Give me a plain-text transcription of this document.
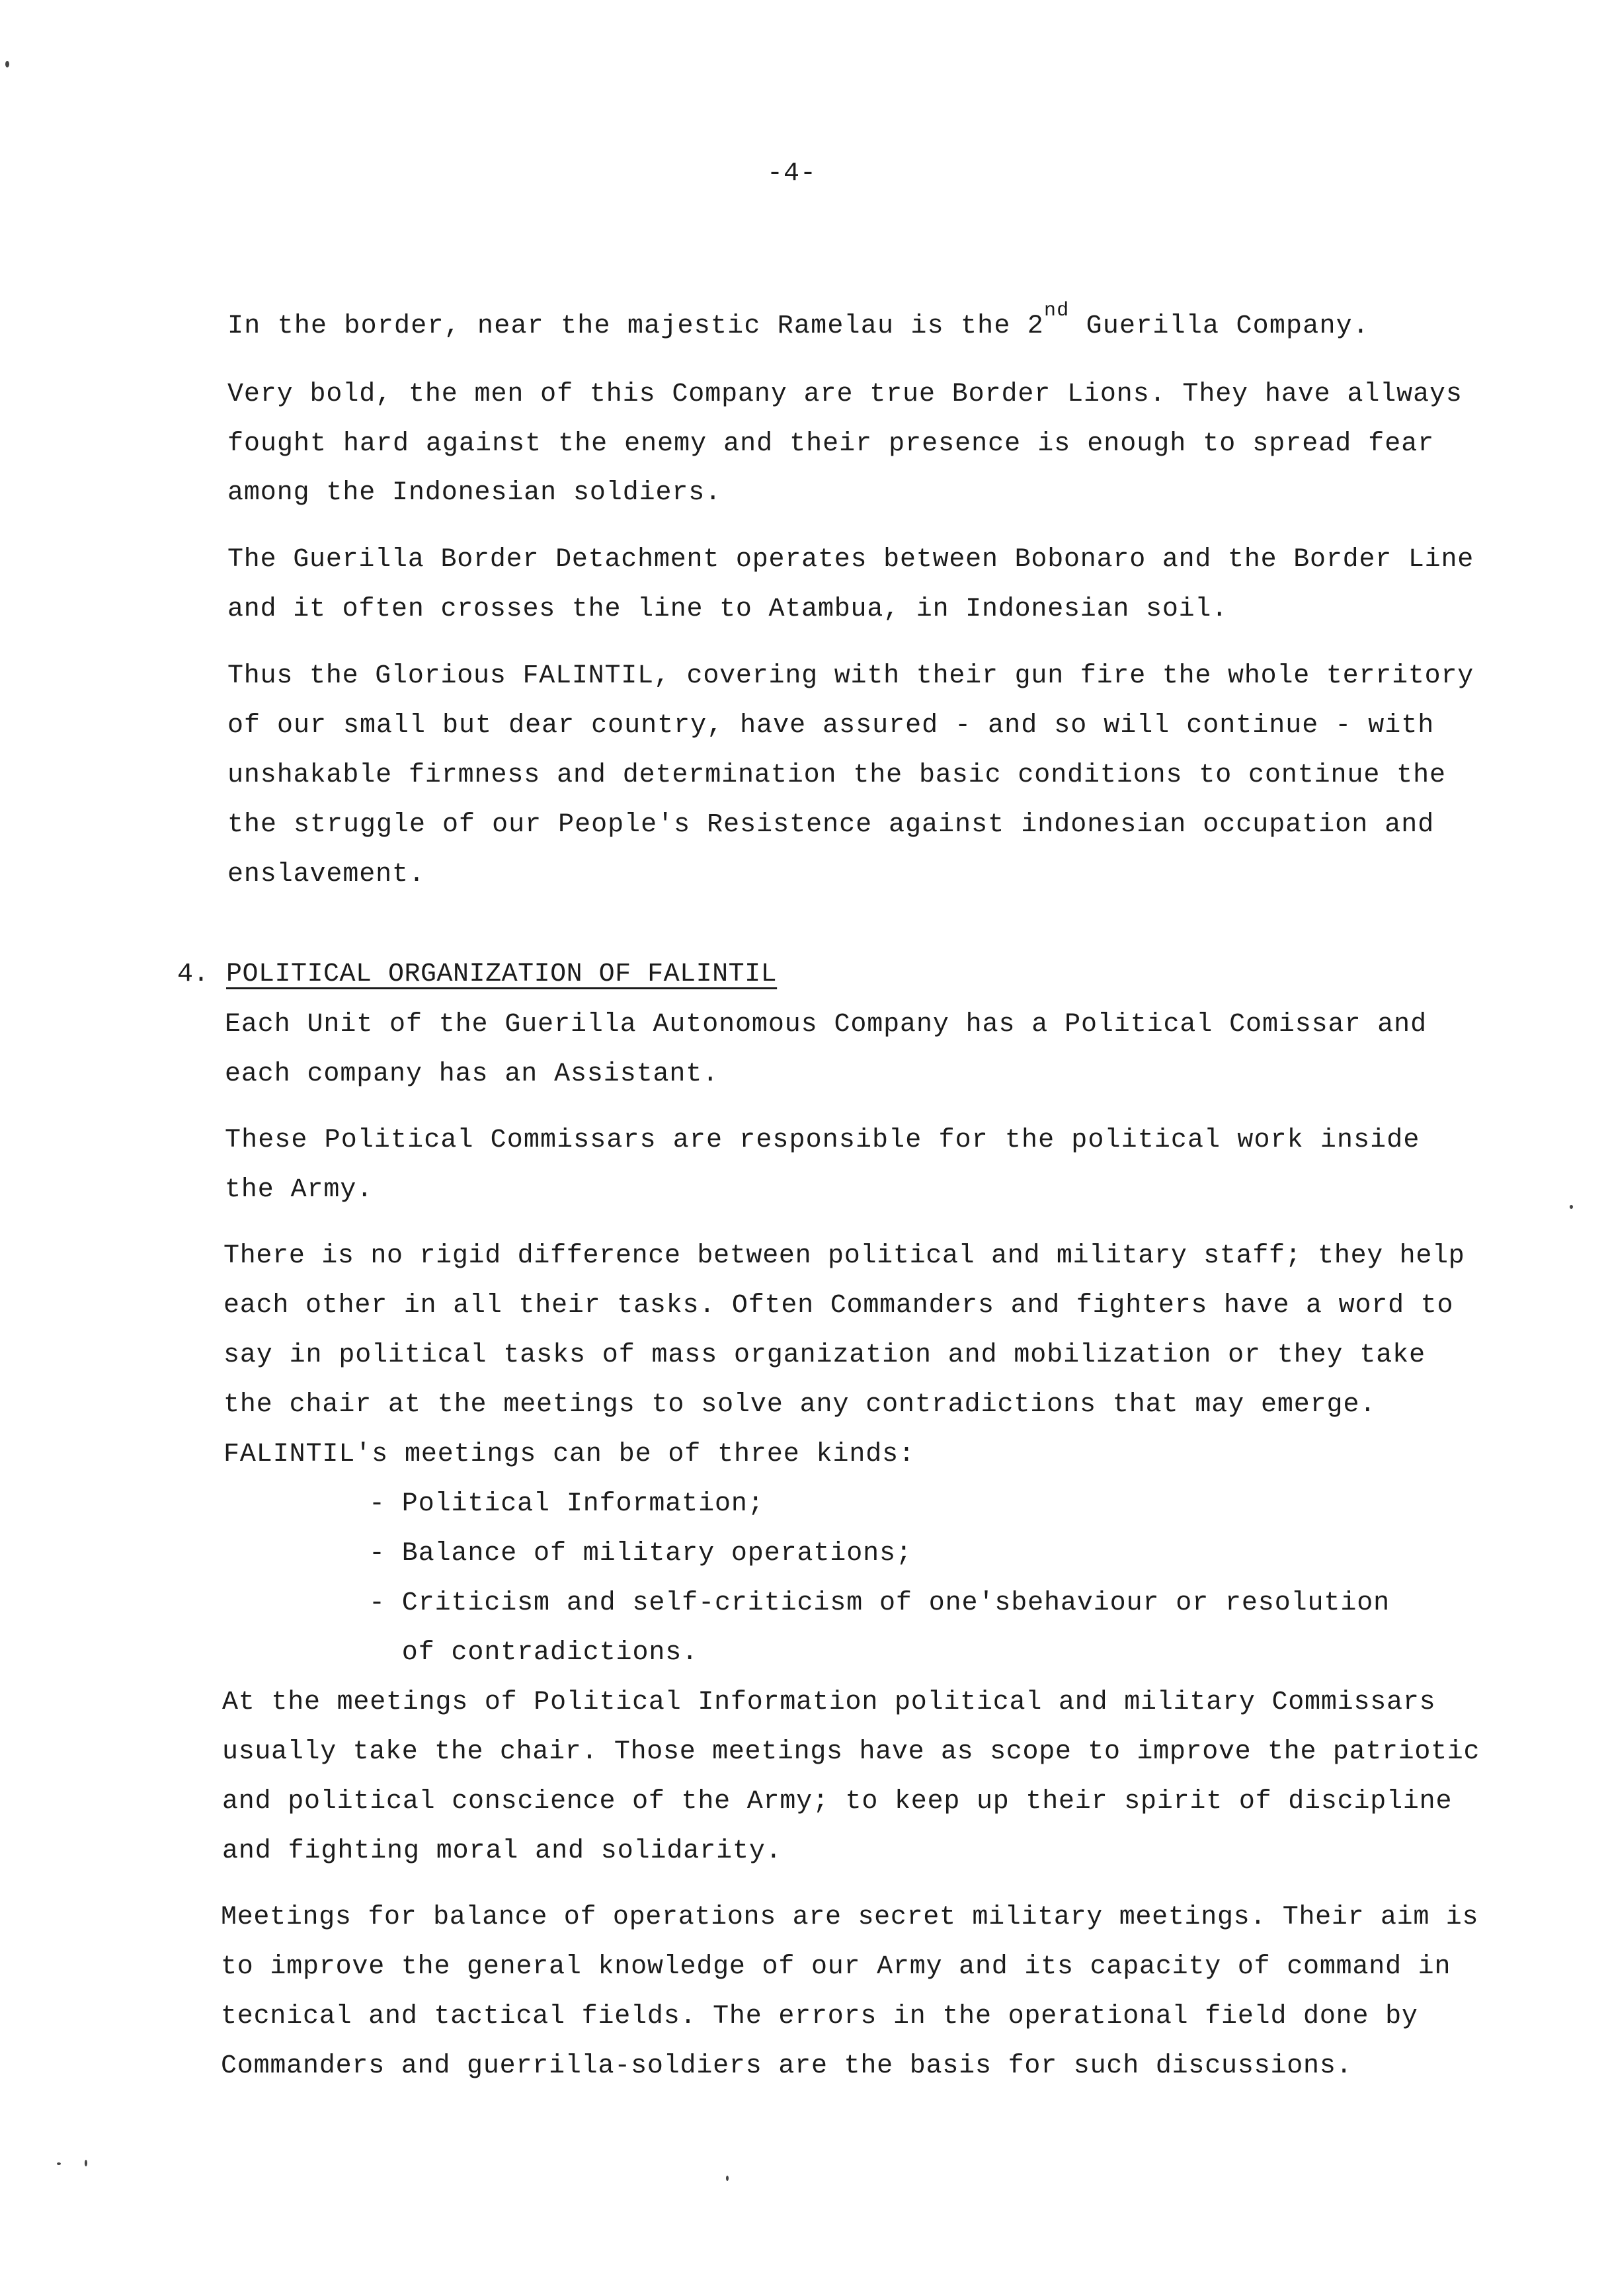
-4-
In the border, near the majestic Ramelau is the 2nd Guerilla Company.
Very bold, the men of this Company are true Border Lions. They have allways
fought hard against the enemy and their presence is enough to spread fear
among the Indonesian soldiers.
The Guerilla Border Detachment operates between Bobonaro and the Border Line
and it often crosses the line to Atambua, in Indonesian soil.
Thus the Glorious FALINTIL, covering with their gun fire the whole territory
of our small but dear country, have assured - and so will continue - with
unshakable firmness and determination the basic conditions to continue the
the struggle of our People's Resistence against indonesian occupation and
enslavement.
4. POLITICAL ORGANIZATION OF FALINTIL
Each Unit of the Guerilla Autonomous Company has a Political Comissar and
each company has an Assistant.
These Political Commissars are responsible for the political work inside
the Army.
There is no rigid difference between political and military staff; they help
each other in all their tasks. Often Commanders and fighters have a word to
say in political tasks of mass organization and mobilization or they take
the chair at the meetings to solve any contradictions that may emerge.
FALINTIL's meetings can be of three kinds:
- Political Information;
- Balance of military operations;
- Criticism and self-criticism of one'sbehaviour or resolution
of contradictions.
At the meetings of Political Information political and military Commissars
usually take the chair. Those meetings have as scope to improve the patriotic
and political conscience of the Army; to keep up their spirit of discipline
and fighting moral and solidarity.
Meetings for balance of operations are secret military meetings. Their aim is
to improve the general knowledge of our Army and its capacity of command in
tecnical and tactical fields. The errors in the operational field done by
Commanders and guerrilla-soldiers are the basis for such discussions.
